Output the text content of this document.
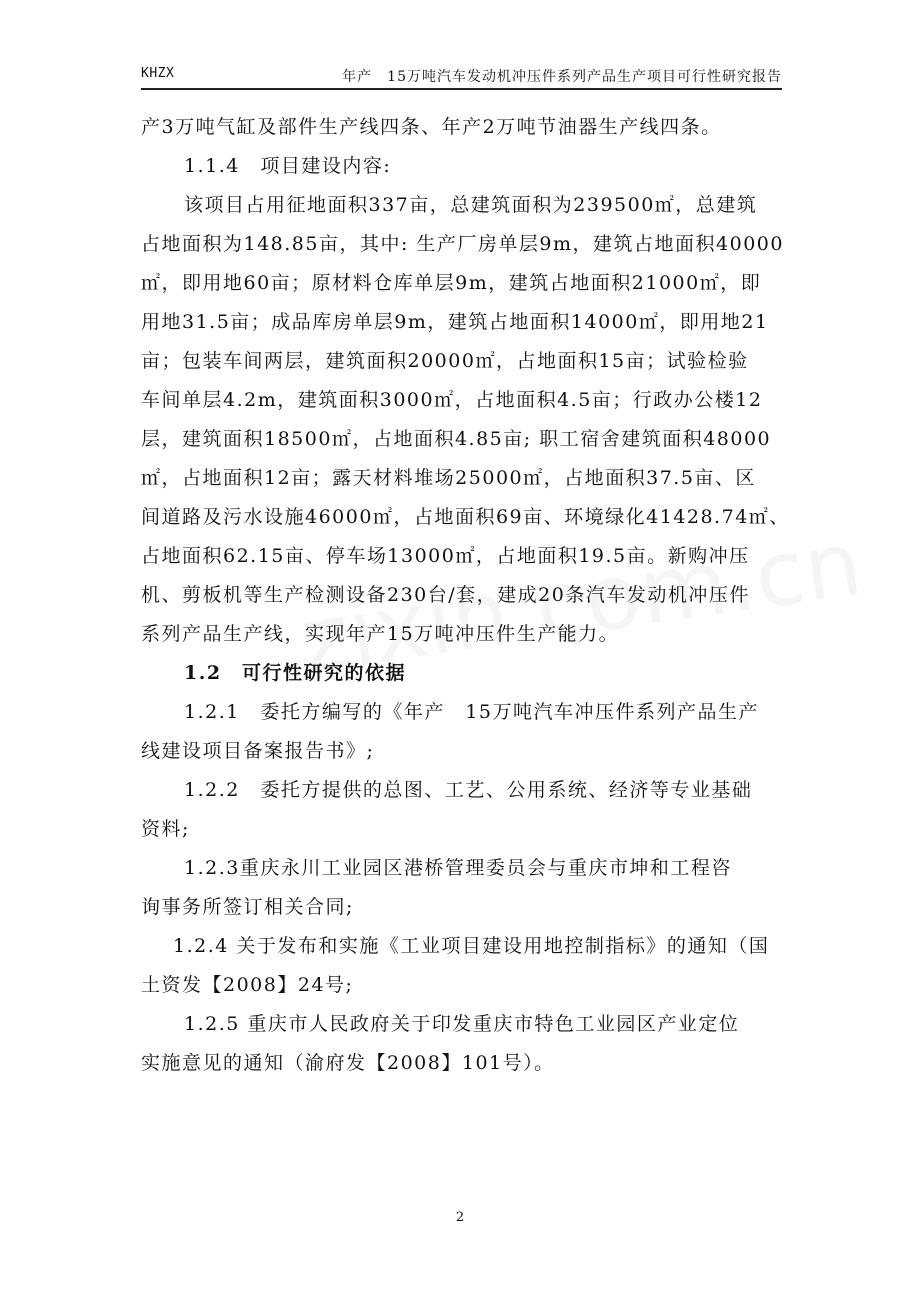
KHZX	年产　15万吨汽车发动机冲压件系列产品生产项目可行性研究报告
产3万吨气缸及部件生产线四条、年产2万吨节油器生产线四条。
1.1.4　项目建设内容:
该项目占用征地面积337亩，总建筑面积为239500㎡，总建筑
占地面积为148.85亩，其中: 生产厂房单层9m，建筑占地面积40000
㎡，即用地60亩；原材料仓库单层9m，建筑占地面积21000㎡，即
用地31.5亩；成品库房单层9m，建筑占地面积14000㎡，即用地21
亩；包装车间两层，建筑面积20000㎡，占地面积15亩；试验检验
车间单层4.2m，建筑面积3000㎡，占地面积4.5亩；行政办公楼12
层，建筑面积18500㎡，占地面积4.85亩; 职工宿舍建筑面积48000
㎡，占地面积12亩；露天材料堆场25000㎡，占地面积37.5亩、区
间道路及污水设施46000㎡，占地面积69亩、环境绿化41428.74㎡、
占地面积62.15亩、停车场13000㎡，占地面积19.5亩。新购冲压
机、剪板机等生产检测设备230台/套，建成20条汽车发动机冲压件
系列产品生产线，实现年产15万吨冲压件生产能力。
1.2　可行性研究的依据
1.2.1　委托方编写的《年产　15万吨汽车冲压件系列产品生产
线建设项目备案报告书》;
1.2.2　委托方提供的总图、工艺、公用系统、经济等专业基础
资料;
1.2.3重庆永川工业园区港桥管理委员会与重庆市坤和工程咨
询事务所签订相关合同;
1.2.4 关于发布和实施《工业项目建设用地控制指标》的通知（国
土资发【2008】24号;
1.2.5 重庆市人民政府关于印发重庆市特色工业园区产业定位
实施意见的通知（渝府发【2008】101号）。
2
